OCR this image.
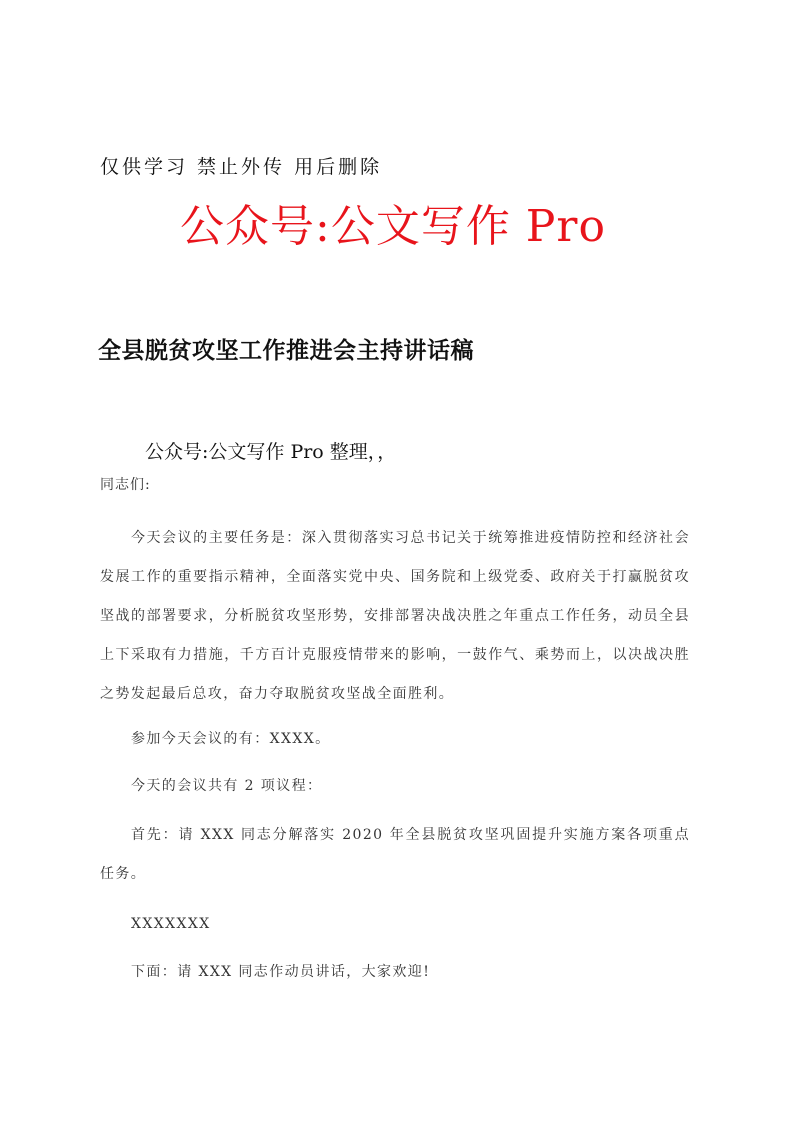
仅供学习 禁止外传 用后删除
公众号:公文写作 Pro
全县脱贫攻坚工作推进会主持讲话稿
公众号:公文写作 Pro 整理，，
同志们:
今天会议的主要任务是：深入贯彻落实习总书记关于统筹推进疫情防控和经济社会发展工作的重要指示精神，全面落实党中央、国务院和上级党委、政府关于打赢脱贫攻坚战的部署要求，分析脱贫攻坚形势，安排部署决战决胜之年重点工作任务，动员全县上下采取有力措施，千方百计克服疫情带来的影响，一鼓作气、乘势而上，以决战决胜之势发起最后总攻，奋力夺取脱贫攻坚战全面胜利。
参加今天会议的有：XXXX。
今天的会议共有 2 项议程：
首先：请 XXX 同志分解落实 2020 年全县脱贫攻坚巩固提升实施方案各项重点任务。
XXXXXXX
下面：请 XXX 同志作动员讲话，大家欢迎!
